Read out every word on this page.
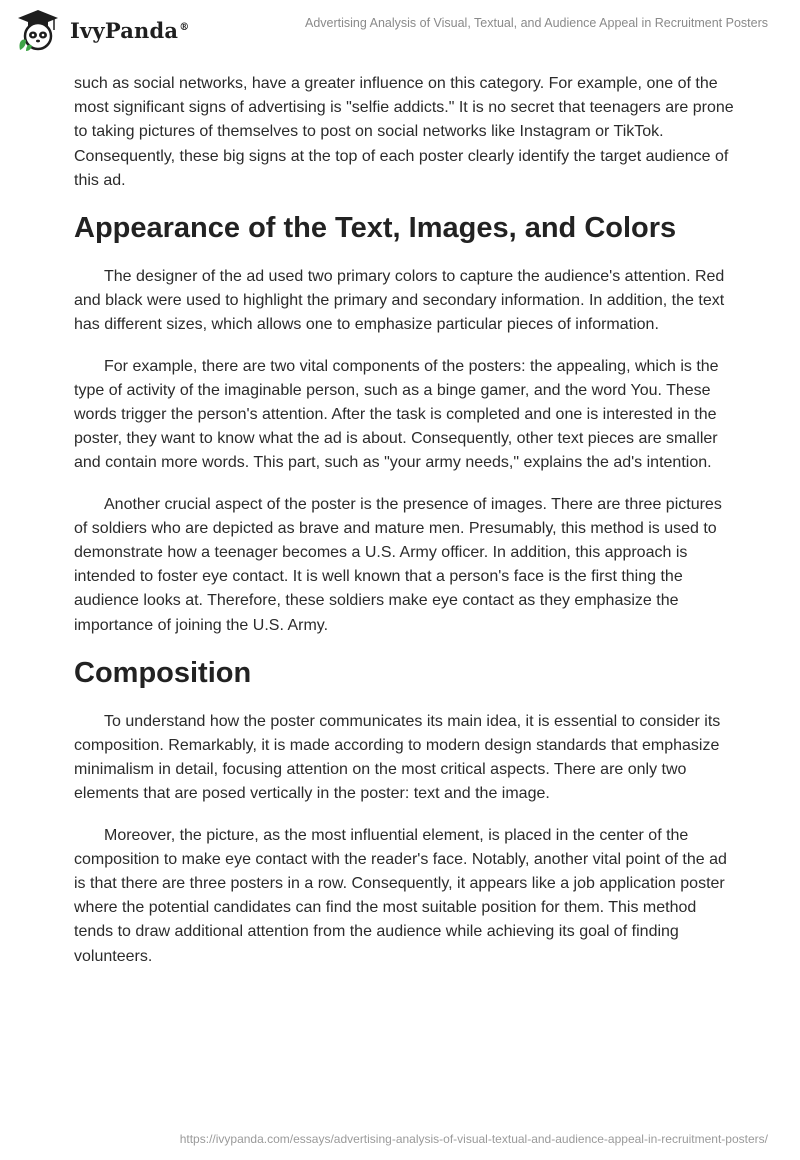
IvyPanda®	Advertising Analysis of Visual, Textual, and Audience Appeal in Recruitment Posters

such as social networks, have a greater influence on this category. For example, one of the most significant signs of advertising is "selfie addicts." It is no secret that teenagers are prone to taking pictures of themselves to post on social networks like Instagram or TikTok. Consequently, these big signs at the top of each poster clearly identify the target audience of this ad.

Appearance of the Text, Images, and Colors

The designer of the ad used two primary colors to capture the audience's attention. Red and black were used to highlight the primary and secondary information. In addition, the text has different sizes, which allows one to emphasize particular pieces of information.

For example, there are two vital components of the posters: the appealing, which is the type of activity of the imaginable person, such as a binge gamer, and the word You. These words trigger the person's attention. After the task is completed and one is interested in the poster, they want to know what the ad is about. Consequently, other text pieces are smaller and contain more words. This part, such as "your army needs," explains the ad's intention.

Another crucial aspect of the poster is the presence of images. There are three pictures of soldiers who are depicted as brave and mature men. Presumably, this method is used to demonstrate how a teenager becomes a U.S. Army officer. In addition, this approach is intended to foster eye contact. It is well known that a person's face is the first thing the audience looks at. Therefore, these soldiers make eye contact as they emphasize the importance of joining the U.S. Army.

Composition

To understand how the poster communicates its main idea, it is essential to consider its composition. Remarkably, it is made according to modern design standards that emphasize minimalism in detail, focusing attention on the most critical aspects. There are only two elements that are posed vertically in the poster: text and the image.

Moreover, the picture, as the most influential element, is placed in the center of the composition to make eye contact with the reader's face. Notably, another vital point of the ad is that there are three posters in a row. Consequently, it appears like a job application poster where the potential candidates can find the most suitable position for them. This method tends to draw additional attention from the audience while achieving its goal of finding volunteers.

https://ivypanda.com/essays/advertising-analysis-of-visual-textual-and-audience-appeal-in-recruitment-posters/
